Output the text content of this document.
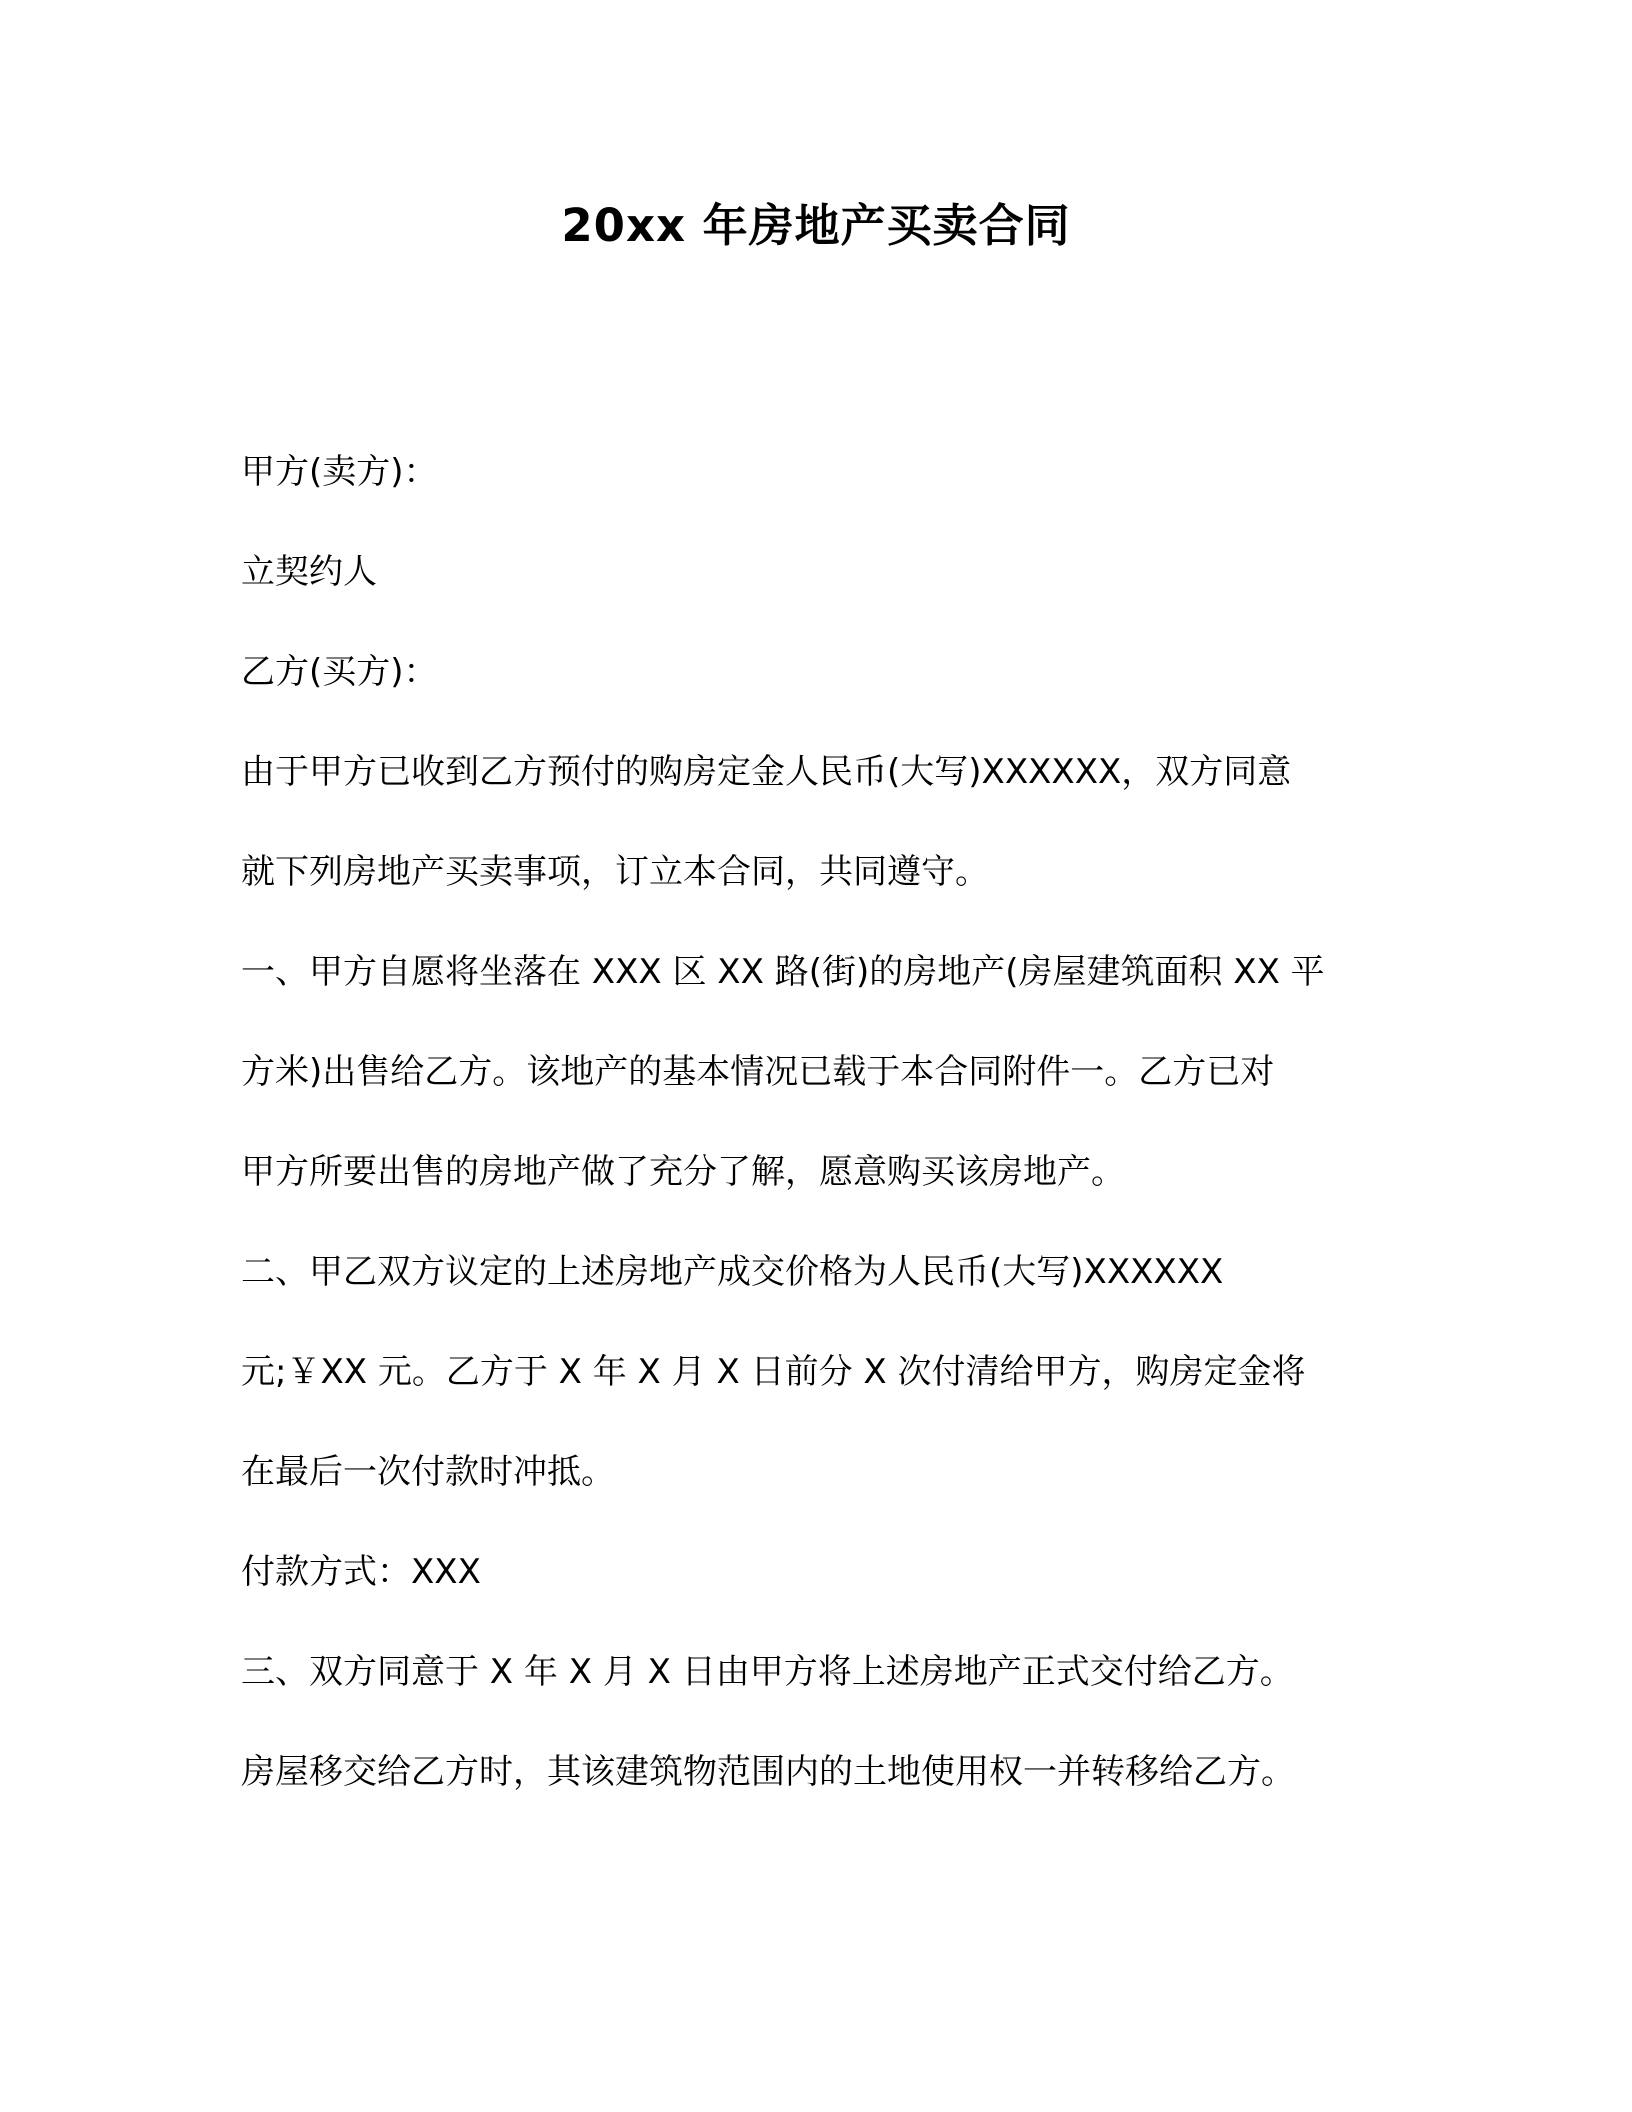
20xx 年房地产买卖合同
甲方(卖方)：
立契约人
乙方(买方)：
由于甲方已收到乙方预付的购房定金人民币(大写)XXXXXX，双方同意
就下列房地产买卖事项，订立本合同，共同遵守。
一、甲方自愿将坐落在 XXX 区 XX 路(街)的房地产(房屋建筑面积 XX 平
方米)出售给乙方。该地产的基本情况已载于本合同附件一。乙方已对
甲方所要出售的房地产做了充分了解，愿意购买该房地产。
二、甲乙双方议定的上述房地产成交价格为人民币(大写)XXXXXX
元;￥XX 元。乙方于 X 年 X 月 X 日前分 X 次付清给甲方，购房定金将
在最后一次付款时冲抵。
付款方式：XXX
三、双方同意于 X 年 X 月 X 日由甲方将上述房地产正式交付给乙方。
房屋移交给乙方时，其该建筑物范围内的土地使用权一并转移给乙方。
